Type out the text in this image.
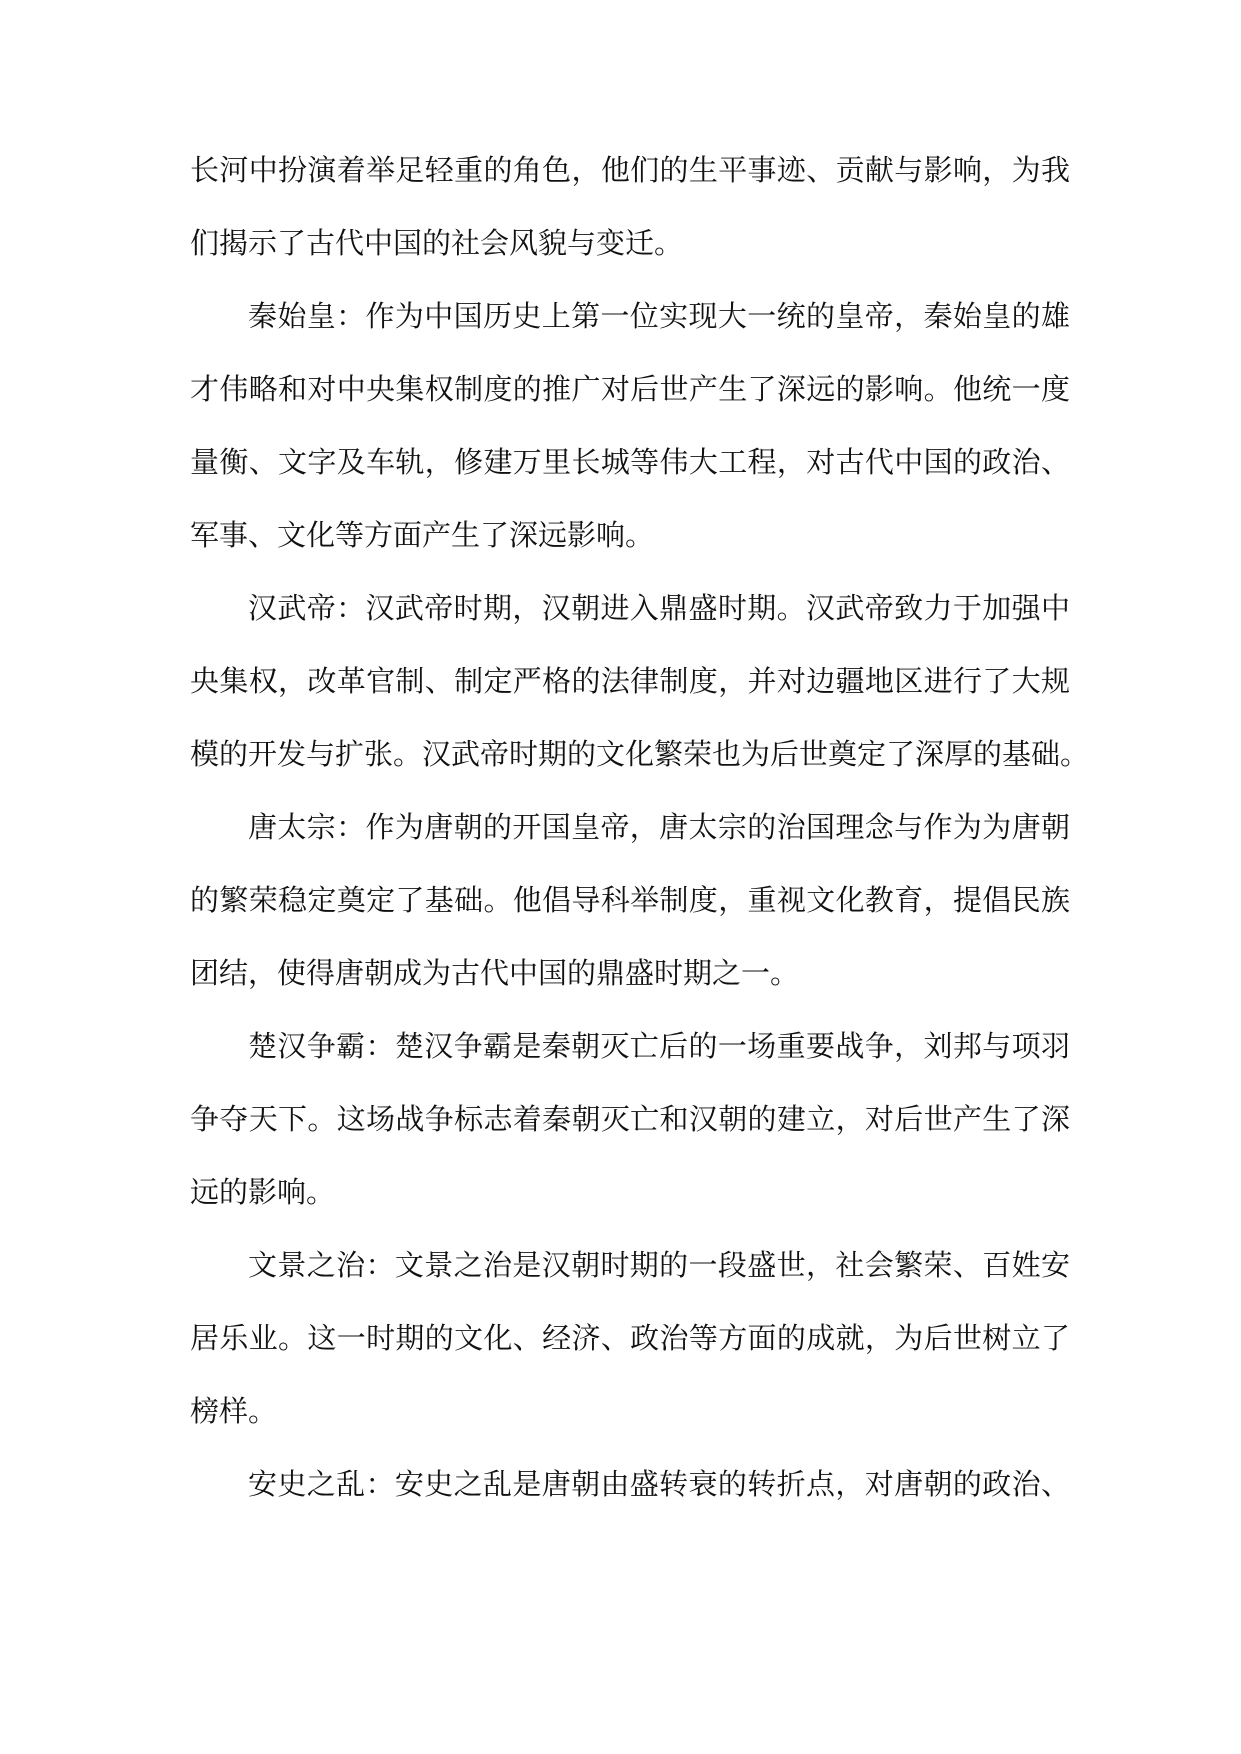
长河中扮演着举足轻重的角色，他们的生平事迹、贡献与影响，为我
们揭示了古代中国的社会风貌与变迁。
秦始皇：作为中国历史上第一位实现大一统的皇帝，秦始皇的雄
才伟略和对中央集权制度的推广对后世产生了深远的影响。他统一度
量衡、文字及车轨，修建万里长城等伟大工程，对古代中国的政治、
军事、文化等方面产生了深远影响。
汉武帝：汉武帝时期，汉朝进入鼎盛时期。汉武帝致力于加强中
央集权，改革官制、制定严格的法律制度，并对边疆地区进行了大规
模的开发与扩张。汉武帝时期的文化繁荣也为后世奠定了深厚的基础。
唐太宗：作为唐朝的开国皇帝，唐太宗的治国理念与作为为唐朝
的繁荣稳定奠定了基础。他倡导科举制度，重视文化教育，提倡民族
团结，使得唐朝成为古代中国的鼎盛时期之一。
楚汉争霸：楚汉争霸是秦朝灭亡后的一场重要战争，刘邦与项羽
争夺天下。这场战争标志着秦朝灭亡和汉朝的建立，对后世产生了深
远的影响。
文景之治：文景之治是汉朝时期的一段盛世，社会繁荣、百姓安
居乐业。这一时期的文化、经济、政治等方面的成就，为后世树立了
榜样。
安史之乱：安史之乱是唐朝由盛转衰的转折点，对唐朝的政治、
